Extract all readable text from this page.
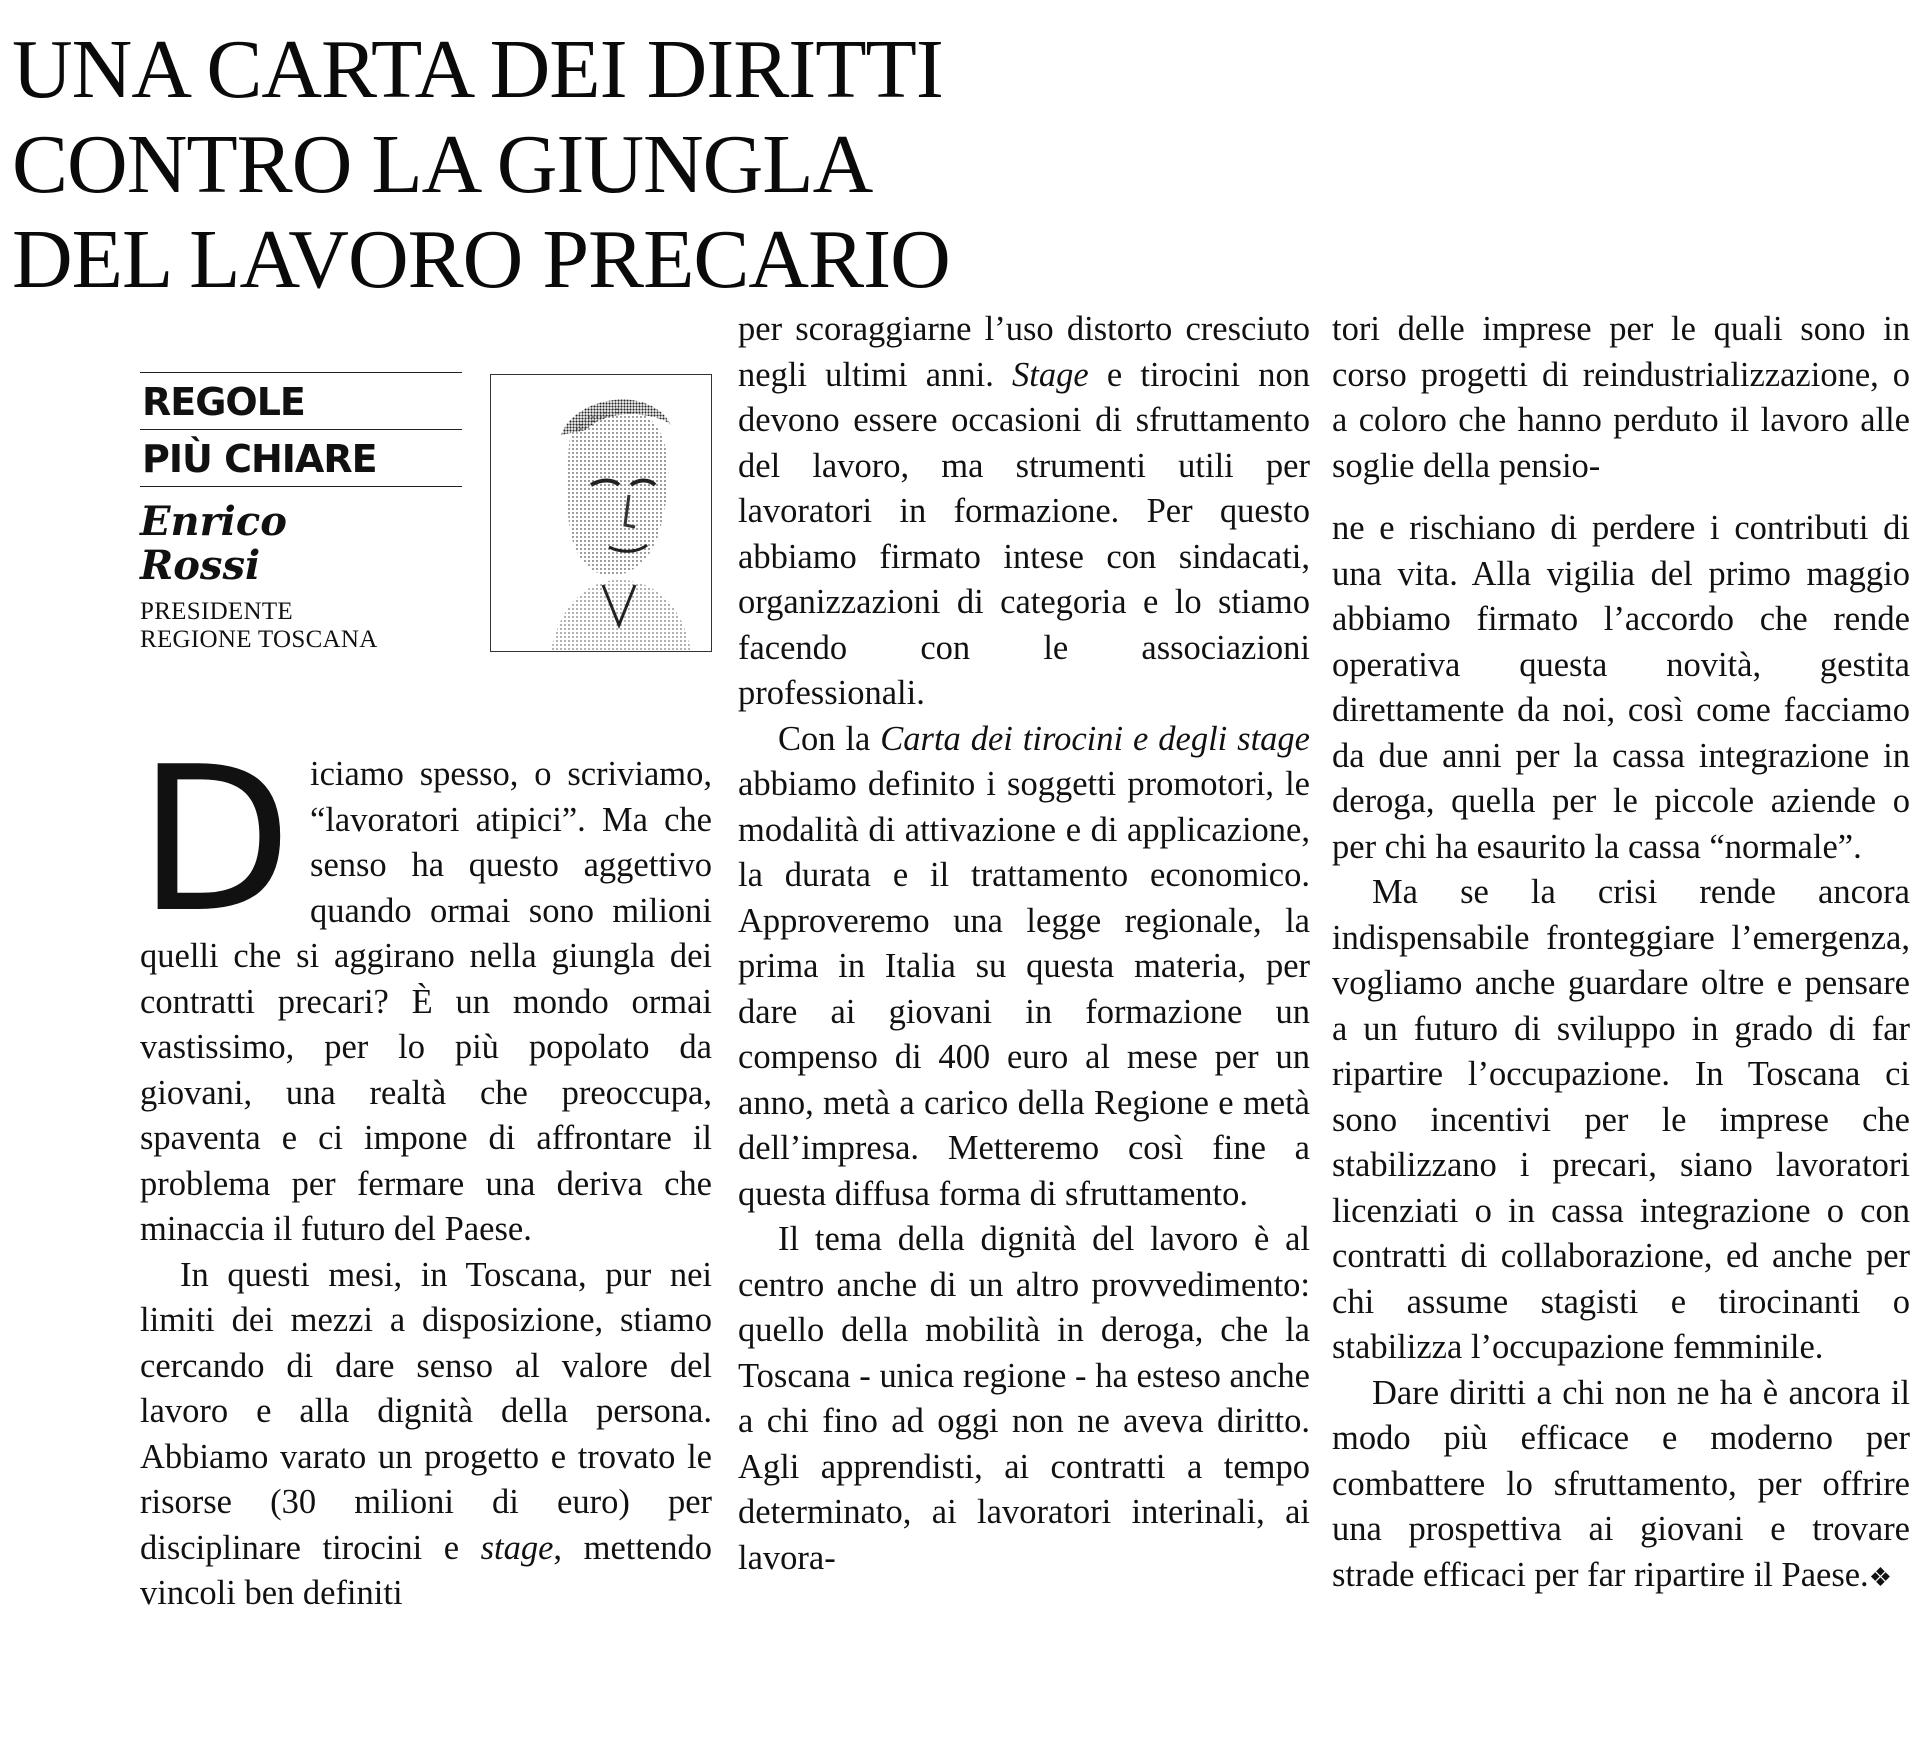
UNA CARTA DEI DIRITTI
CONTRO LA GIUNGLA
DEL LAVORO PRECARIO
REGOLE
PIÙ CHIARE
Enrico
Rossi
PRESIDENTE
REGIONE TOSCANA

Diciamo spesso, o scriviamo, “lavoratori atipici”. Ma che senso ha questo aggettivo quando ormai sono milioni quelli che si aggirano nella giungla dei contratti precari? È un mondo ormai vastissimo, per lo più popolato da giovani, una realtà che preoccupa, spaventa e ci impone di affrontare il problema per fermare una deriva che minaccia il futuro del Paese.

In questi mesi, in Toscana, pur nei limiti dei mezzi a disposizione, stiamo cercando di dare senso al valore del lavoro e alla dignità della persona. Abbiamo varato un progetto e trovato le risorse (30 milioni di euro) per disciplinare tirocini e stage, mettendo vincoli ben definiti

per scoraggiarne l’uso distorto cresciuto negli ultimi anni. Stage e tirocini non devono essere occasioni di sfruttamento del lavoro, ma strumenti utili per lavoratori in formazione. Per questo abbiamo firmato intese con sindacati, organizzazioni di categoria e lo stiamo facendo con le associazioni professionali.

Con la Carta dei tirocini e degli stage abbiamo definito i soggetti promotori, le modalità di attivazione e di applicazione, la durata e il trattamento economico. Approveremo una legge regionale, la prima in Italia su questa materia, per dare ai giovani in formazione un compenso di 400 euro al mese per un anno, metà a carico della Regione e metà dell’impresa. Metteremo così fine a questa diffusa forma di sfruttamento.

Il tema della dignità del lavoro è al centro anche di un altro provvedimento: quello della mobilità in deroga, che la Toscana - unica regione - ha esteso anche a chi fino ad oggi non ne aveva diritto. Agli apprendisti, ai contratti a tempo determinato, ai lavoratori interinali, ai lavora-

tori delle imprese per le quali sono in corso progetti di reindustrializzazione, o a coloro che hanno perduto il lavoro alle soglie della pensio-

ne e rischiano di perdere i contributi di una vita. Alla vigilia del primo maggio abbiamo firmato l’accordo che rende operativa questa novità, gestita direttamente da noi, così come facciamo da due anni per la cassa integrazione in deroga, quella per le piccole aziende o per chi ha esaurito la cassa “normale”.

Ma se la crisi rende ancora indispensabile fronteggiare l’emergenza, vogliamo anche guardare oltre e pensare a un futuro di sviluppo in grado di far ripartire l’occupazione. In Toscana ci sono incentivi per le imprese che stabilizzano i precari, siano lavoratori licenziati o in cassa integrazione o con contratti di collaborazione, ed anche per chi assume stagisti e tirocinanti o stabilizza l’occupazione femminile.

Dare diritti a chi non ne ha è ancora il modo più efficace e moderno per combattere lo sfruttamento, per offrire una prospettiva ai giovani e trovare strade efficaci per far ripartire il Paese.❖
